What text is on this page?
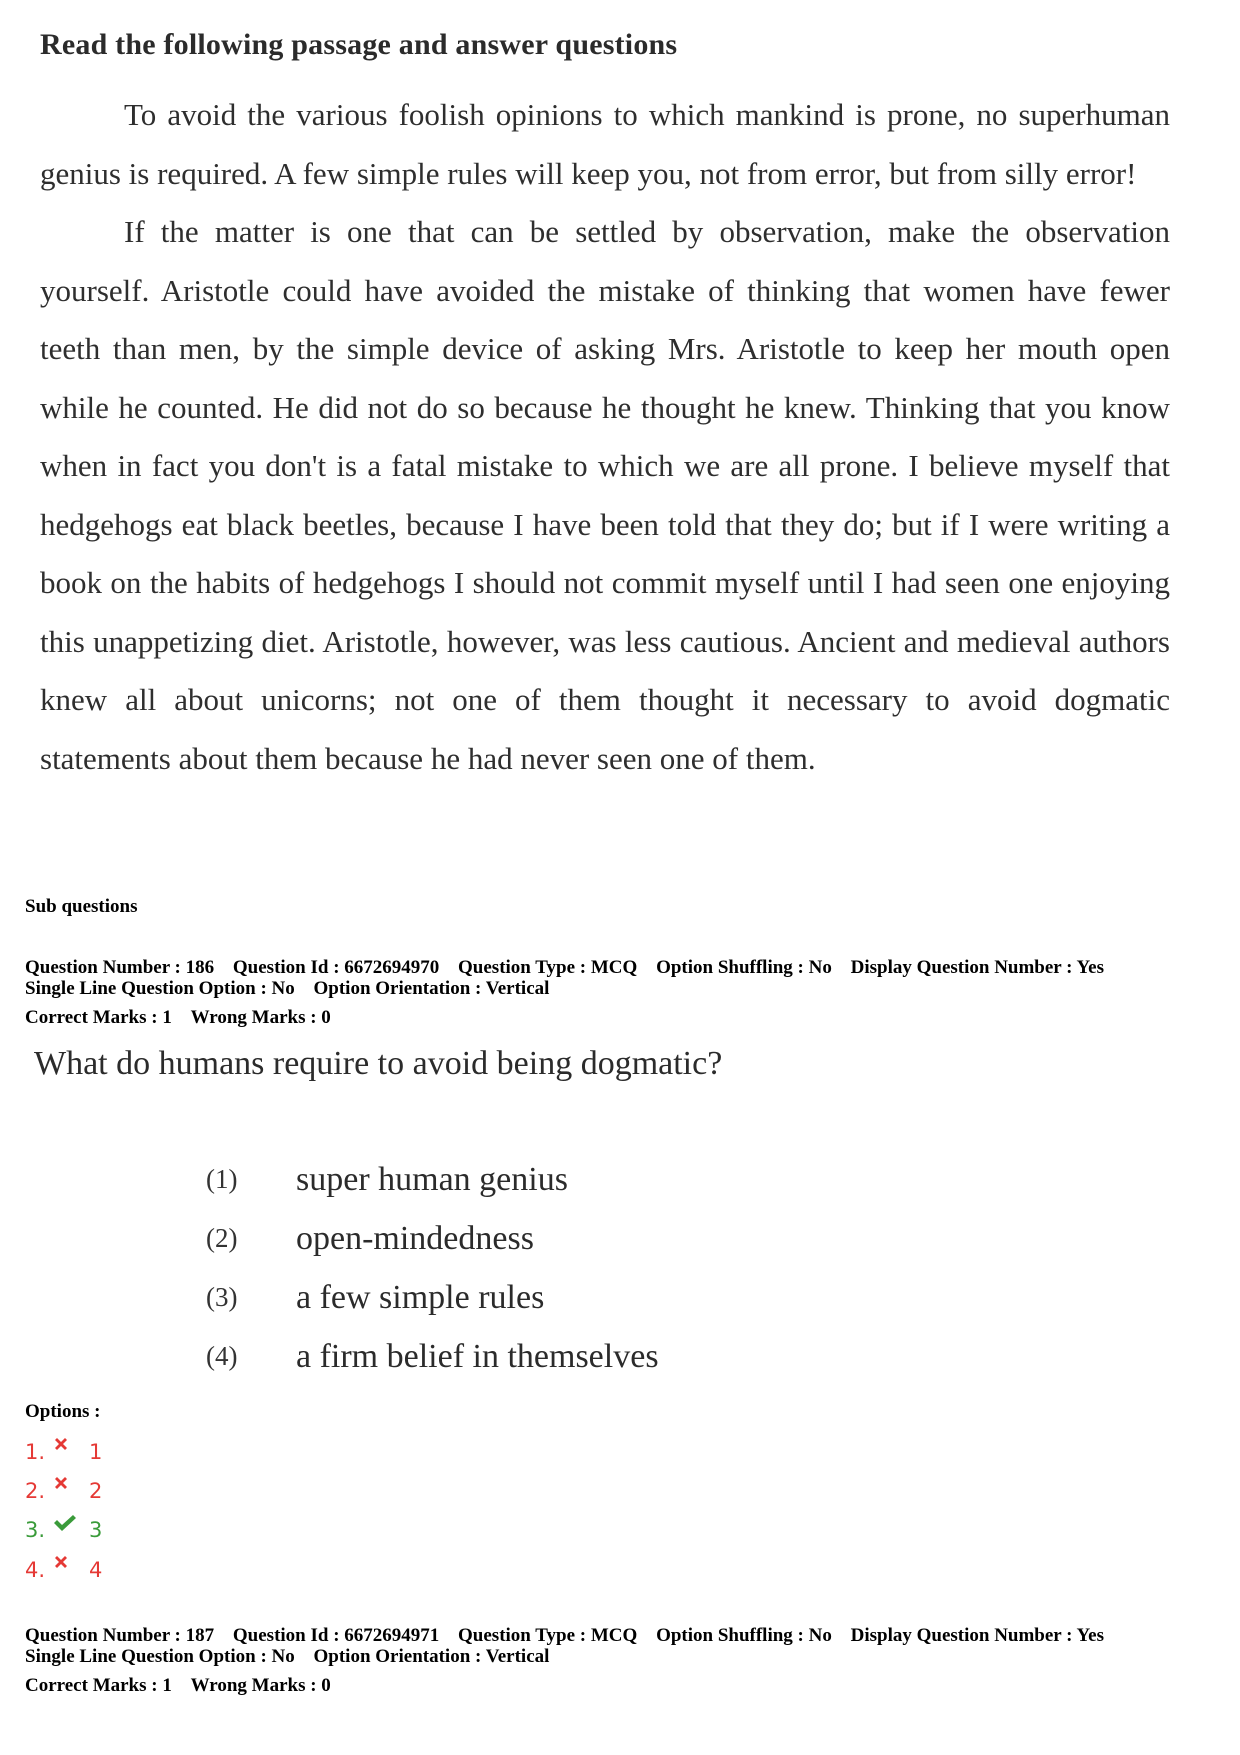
Read the following passage and answer questions

To avoid the various foolish opinions to which mankind is prone, no superhuman genius is required. A few simple rules will keep you, not from error, but from silly error!

If the matter is one that can be settled by observation, make the observation yourself. Aristotle could have avoided the mistake of thinking that women have fewer teeth than men, by the simple device of asking Mrs. Aristotle to keep her mouth open while he counted. He did not do so because he thought he knew. Thinking that you know when in fact you don't is a fatal mistake to which we are all prone. I believe myself that hedgehogs eat black beetles, because I have been told that they do; but if I were writing a book on the habits of hedgehogs I should not commit myself until I had seen one enjoying this unappetizing diet. Aristotle, however, was less cautious. Ancient and medieval authors knew all about unicorns; not one of them thought it necessary to avoid dogmatic statements about them because he had never seen one of them.

Sub questions
Question Number : 186 Question Id : 6672694970 Question Type : MCQ Option Shuffling : No Display Question Number : Yes
Single Line Question Option : No Option Orientation : Vertical
Correct Marks : 1 Wrong Marks : 0
What do humans require to avoid being dogmatic?
(1)	super human genius
(2)	open-mindedness
(3)	a few simple rules
(4)	a firm belief in themselves
Options :
1. 1
2. 2
3. 3
4. 4
Question Number : 187 Question Id : 6672694971 Question Type : MCQ Option Shuffling : No Display Question Number : Yes
Single Line Question Option : No Option Orientation : Vertical
Correct Marks : 1 Wrong Marks : 0
